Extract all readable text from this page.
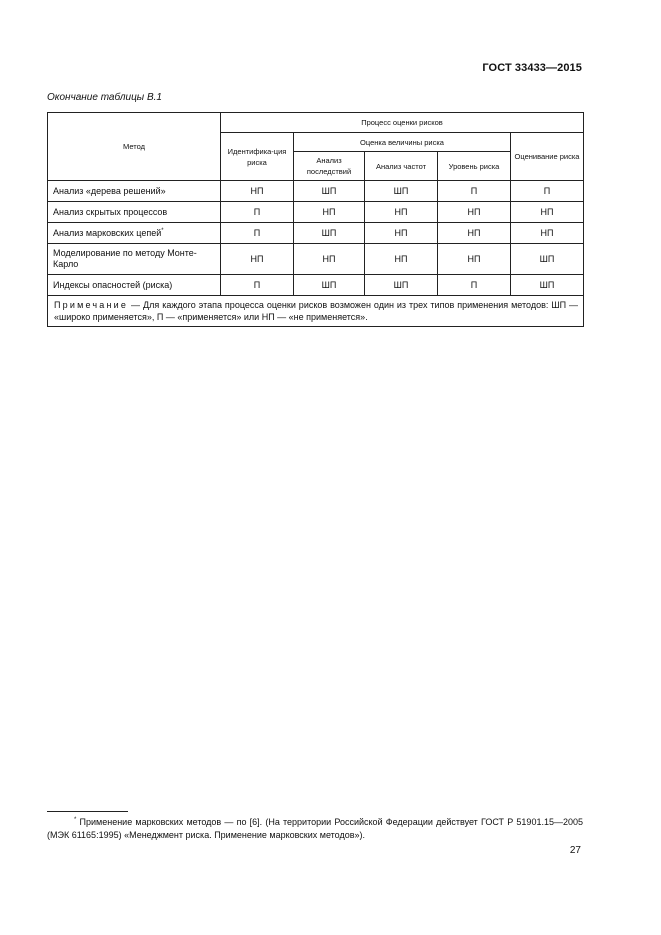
ГОСТ 33433—2015
Окончание таблицы В.1
Метод	Процесс оценки рисков				
	Идентифика-ция риска	Оценка величины риска			Оценивание риска
		Анализ последствий	Анализ частот	Уровень риска	
Анализ «дерева решений»	НП	ШП	ШП	П	П
Анализ скрытых процессов	П	НП	НП	НП	НП
Анализ марковских цепей*	П	ШП	НП	НП	НП
Моделирование по методу Монте-Карло	НП	НП	НП	НП	ШП
Индексы опасностей (риска)	П	ШП	ШП	П	ШП
Примечание — Для каждого этапа процесса оценки рисков возможен один из трех типов применения методов: ШП — «широко применяется», П — «применяется» или НП — «не применяется».					
* Применение марковских методов — по [6]. (На территории Российской Федерации действует ГОСТ Р 51901.15—2005 (МЭК 61165:1995) «Менеджмент риска. Применение марковских методов»).
27
